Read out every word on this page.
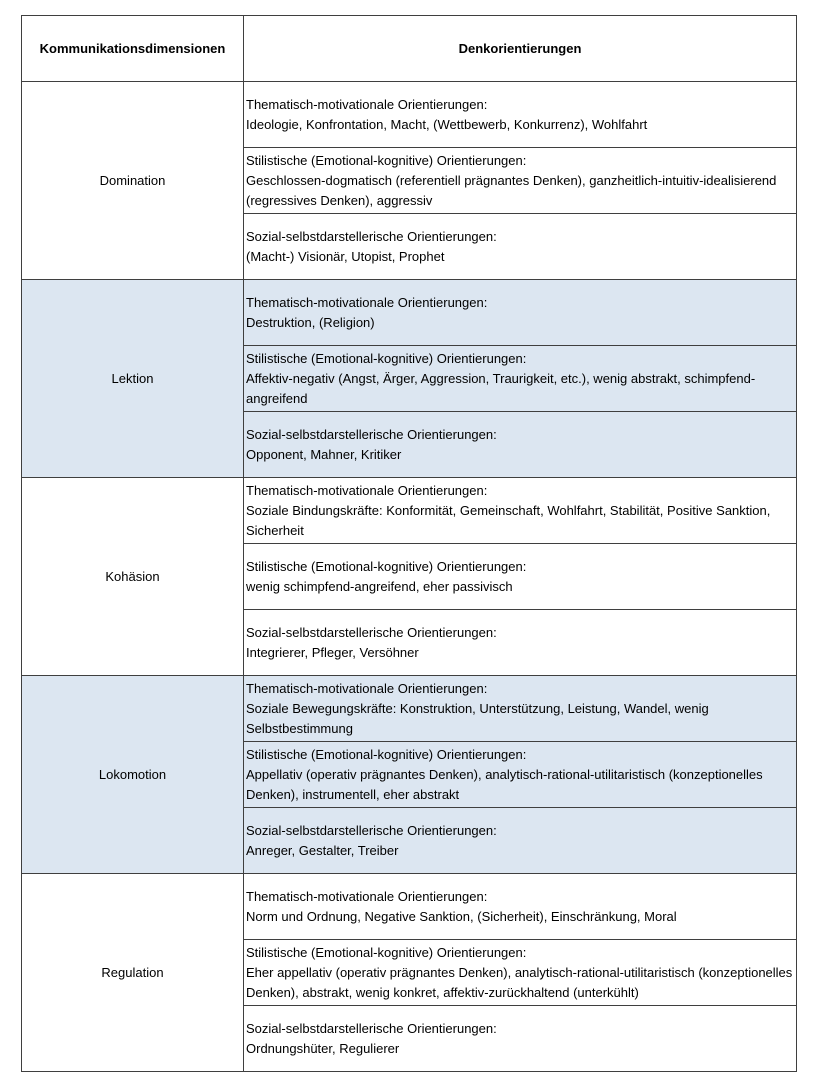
Kommunikationsdimensionen	Denkorientierungen
Domination	Thematisch-motivationale Orientierungen:
Ideologie, Konfrontation, Macht, (Wettbewerb, Konkurrenz), Wohlfahrt

	Stilistische (Emotional-kognitive) Orientierungen:
Geschlossen-dogmatisch (referentiell prägnantes Denken), ganzheitlich-intuitiv-idealisierend (regressives Denken), aggressiv

	Sozial-selbstdarstellerische Orientierungen:
(Macht-) Visionär, Utopist, Prophet

Lektion	Thematisch-motivationale Orientierungen:
Destruktion, (Religion)

	Stilistische (Emotional-kognitive) Orientierungen:
Affektiv-negativ (Angst, Ärger, Aggression, Traurigkeit, etc.), wenig abstrakt, schimpfend-angreifend

	Sozial-selbstdarstellerische Orientierungen:
Opponent, Mahner, Kritiker

Kohäsion	Thematisch-motivationale Orientierungen:
Soziale Bindungskräfte: Konformität, Gemeinschaft, Wohlfahrt, Stabilität, Positive Sanktion, Sicherheit

	Stilistische (Emotional-kognitive) Orientierungen:
wenig schimpfend-angreifend, eher passivisch

	Sozial-selbstdarstellerische Orientierungen:
Integrierer, Pfleger, Versöhner

Lokomotion	Thematisch-motivationale Orientierungen:
Soziale Bewegungskräfte: Konstruktion, Unterstützung, Leistung, Wandel, wenig Selbstbestimmung

	Stilistische (Emotional-kognitive) Orientierungen:
Appellativ (operativ prägnantes Denken), analytisch-rational-utilitaristisch (konzeptionelles Denken), instrumentell, eher abstrakt

	Sozial-selbstdarstellerische Orientierungen:
Anreger, Gestalter, Treiber

Regulation	Thematisch-motivationale Orientierungen:
Norm und Ordnung, Negative Sanktion, (Sicherheit), Einschränkung, Moral

	Stilistische (Emotional-kognitive) Orientierungen:
Eher appellativ (operativ prägnantes Denken), analytisch-rational-utilitaristisch (konzeptionelles Denken), abstrakt, wenig konkret, affektiv-zurückhaltend (unterkühlt)

	Sozial-selbstdarstellerische Orientierungen:
Ordnungshüter, Regulierer
